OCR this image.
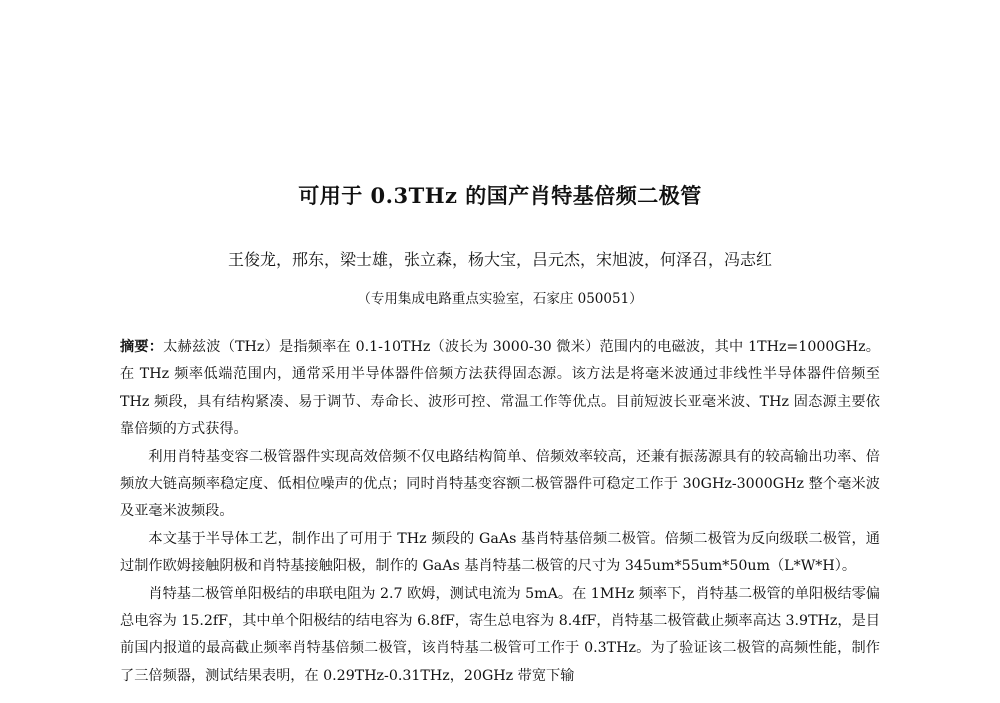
可用于 0.3THz 的国产肖特基倍频二极管
王俊龙，邢东，梁士雄，张立森，杨大宝，吕元杰，宋旭波，何泽召，冯志红
（专用集成电路重点实验室，石家庄 050051）

摘要：太赫兹波（THz）是指频率在 0.1-10THz（波长为 3000-30 微米）范围内的电磁波，其中 1THz=1000GHz。在 THz 频率低端范围内，通常采用半导体器件倍频方法获得固态源。该方法是将毫米波通过非线性半导体器件倍频至 THz 频段，具有结构紧凑、易于调节、寿命长、波形可控、常温工作等优点。目前短波长亚毫米波、THz 固态源主要依靠倍频的方式获得。

利用肖特基变容二极管器件实现高效倍频不仅电路结构简单、倍频效率较高，还兼有振荡源具有的较高输出功率、倍频放大链高频率稳定度、低相位噪声的优点；同时肖特基变容额二极管器件可稳定工作于 30GHz-3000GHz 整个毫米波及亚毫米波频段。

本文基于半导体工艺，制作出了可用于 THz 频段的 GaAs 基肖特基倍频二极管。倍频二极管为反向级联二极管，通过制作欧姆接触阴极和肖特基接触阳极，制作的 GaAs 基肖特基二极管的尺寸为 345um*55um*50um（L*W*H）。

肖特基二极管单阳极结的串联电阻为 2.7 欧姆，测试电流为 5mA。在 1MHz 频率下，肖特基二极管的单阳极结零偏总电容为 15.2fF，其中单个阳极结的结电容为 6.8fF，寄生总电容为 8.4fF，肖特基二极管截止频率高达 3.9THz，是目前国内报道的最高截止频率肖特基倍频二极管，该肖特基二极管可工作于 0.3THz。为了验证该二极管的高频性能，制作了三倍频器，测试结果表明，在 0.29THz-0.31THz，20GHz 带宽下输
